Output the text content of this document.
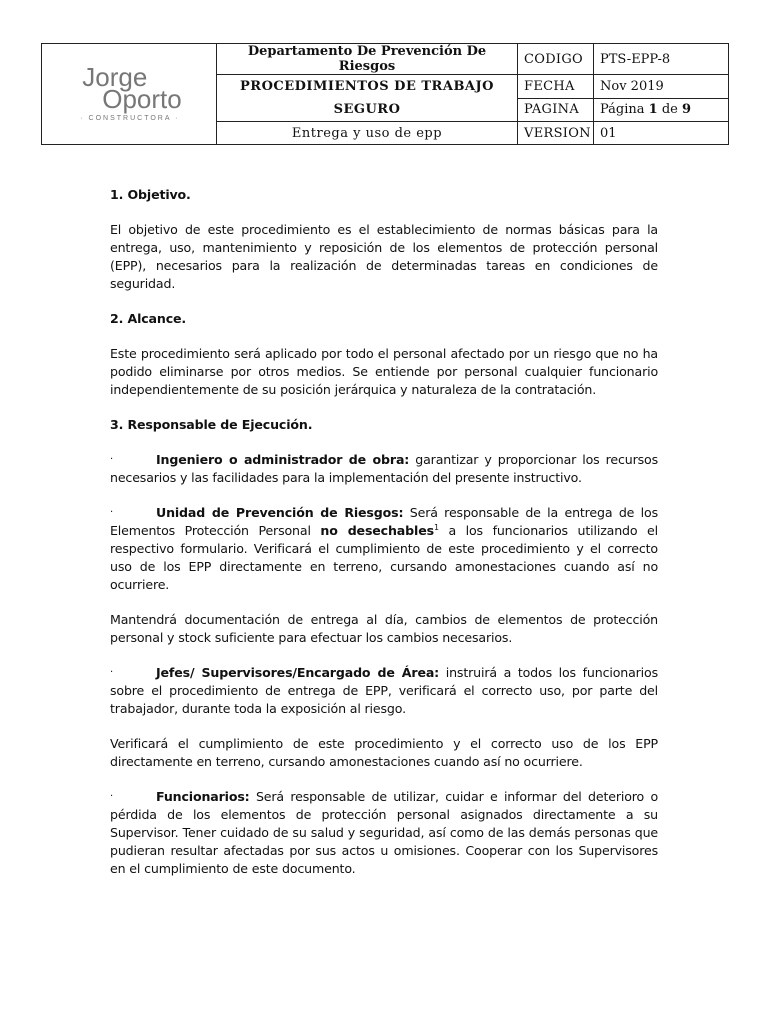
Jorge
Oporto
· CONSTRUCTORA ·	Departamento De Prevención De Riesgos	CODIGO	PTS-EPP-8
	PROCEDIMIENTOS DE TRABAJO SEGURO	FECHA	Nov 2019
		PAGINA	Página 1 de 9
	Entrega y uso de epp	VERSION	01
1. Objetivo.

El objetivo de este procedimiento es el establecimiento de normas básicas para la entrega, uso, mantenimiento y reposición de los elementos de protección personal (EPP), necesarios para la realización de determinadas tareas en condiciones de seguridad.

2. Alcance.

Este procedimiento será aplicado por todo el personal afectado por un riesgo que no ha podido eliminarse por otros medios. Se entiende por personal cualquier funcionario independientemente de su posición jerárquica y naturaleza de la contratación.

3. Responsable de Ejecución.

·	Ingeniero o administrador de obra: garantizar y proporcionar los recursos necesarios y las facilidades para la implementación del presente instructivo.

·	Unidad de Prevención de Riesgos: Será responsable de la entrega de los Elementos Protección Personal no desechables$^1$ a los funcionarios utilizando el respectivo formulario. Verificará el cumplimiento de este procedimiento y el correcto uso de los EPP directamente en terreno, cursando amonestaciones cuando así no ocurriere.

Mantendrá documentación de entrega al día, cambios de elementos de protección personal y stock suficiente para efectuar los cambios necesarios.

·	Jefes/ Supervisores/Encargado de Área: instruirá a todos los funcionarios sobre el procedimiento de entrega de EPP, verificará el correcto uso, por parte del trabajador, durante toda la exposición al riesgo.

Verificará el cumplimiento de este procedimiento y el correcto uso de los EPP directamente en terreno, cursando amonestaciones cuando así no ocurriere.

·	Funcionarios: Será responsable de utilizar, cuidar e informar del deterioro o pérdida de los elementos de protección personal asignados directamente a su Supervisor. Tener cuidado de su salud y seguridad, así como de las demás personas que pudieran resultar afectadas por sus actos u omisiones. Cooperar con los Supervisores en el cumplimiento de este documento.
